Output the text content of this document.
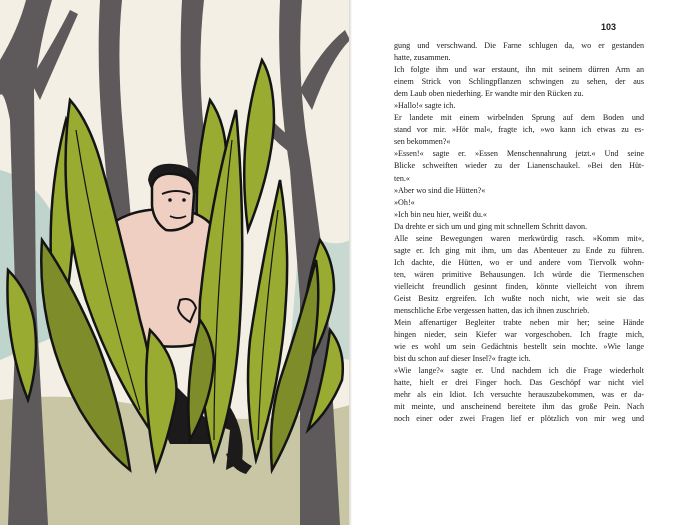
103
gung und verschwand. Die Farne schlugen da, wo er gestanden
hatte, zusammen.
Ich folgte ihm und war erstaunt, ihn mit seinem dürren Arm an
einem Strick von Schlingpflanzen schwingen zu sehen, der aus
dem Laub oben niederhing. Er wandte mir den Rücken zu.
»Hallo!« sagte ich.
Er landete mit einem wirbelnden Sprung auf dem Boden und
stand vor mir. »Hör mal«, fragte ich, »wo kann ich etwas zu es-
sen bekommen?«
»Essen!« sagte er. »Essen Menschennahrung jetzt.« Und seine
Blicke schweiften wieder zu der Lianenschaukel. »Bei den Hüt-
ten.«
»Aber wo sind die Hütten?«
»Oh!«
»Ich bin neu hier, weißt du.«
Da drehte er sich um und ging mit schnellem Schritt davon.
Alle seine Bewegungen waren merkwürdig rasch. »Komm mit«,
sagte er. Ich ging mit ihm, um das Abenteuer zu Ende zu führen.
Ich dachte, die Hütten, wo er und andere vom Tiervolk wohn-
ten, wären primitive Behausungen. Ich würde die Tiermenschen
vielleicht freundlich gesinnt finden, könnte vielleicht von ihrem
Geist Besitz ergreifen. Ich wußte noch nicht, wie weit sie das
menschliche Erbe vergessen hatten, das ich ihnen zuschrieb.
Mein affenartiger Begleiter trabte neben mir her; seine Hände
hingen nieder, sein Kiefer war vorgeschoben. Ich fragte mich,
wie es wohl um sein Gedächtnis bestellt sein mochte. »Wie lange
bist du schon auf dieser Insel?« fragte ich.
»Wie lange?« sagte er. Und nachdem ich die Frage wiederholt
hatte, hielt er drei Finger hoch. Das Geschöpf war nicht viel
mehr als ein Idiot. Ich versuchte herauszubekommen, was er da-
mit meinte, und anscheinend bereitete ihm das große Pein. Nach
noch einer oder zwei Fragen lief er plötzlich von mir weg und
